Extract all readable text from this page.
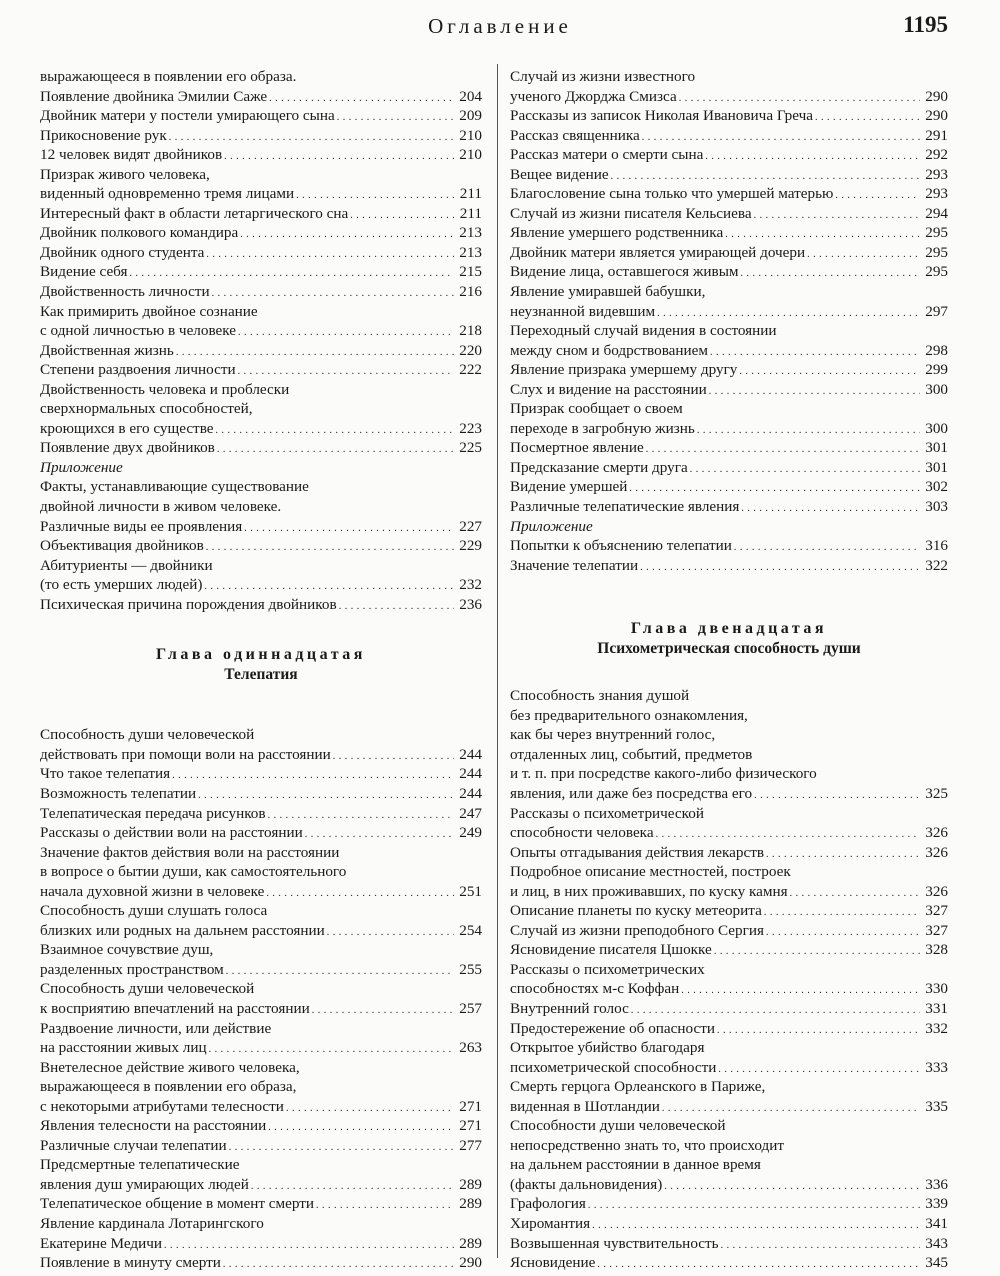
Оглавление	1195
выражающееся в появлении его образа.
Появление двойника Эмилии Саже . . .	204
Двойник матери у постели умирающего сына . . .	209
Прикосновение рук . . .	210
12 человек видят двойников . . .	210
Призрак живого человека,
виденный одновременно тремя лицами . . .	211
Интересный факт в области летаргического сна . . .	211
Двойник полкового командира . . .	213
Двойник одного студента . . .	213
Видение себя . . .	215
Двойственность личности . . .	216
Как примирить двойное сознание
с одной личностью в человеке . . .	218
Двойственная жизнь . . .	220
Степени раздвоения личности . . .	222
Двойственность человека и проблески
сверхнормальных способностей,
кроющихся в его существе . . .	223
Появление двух двойников . . .	225
Приложение
Факты, устанавливающие существование
двойной личности в живом человеке.
Различные виды ее проявления . . .	227
Объективация двойников . . .	229
Абитуриенты — двойники
(то есть умерших людей) . . .	232
Психическая причина порождения двойников . . .	236
Глава одиннадцатая
Телепатия
Способность души человеческой
действовать при помощи воли на расстоянии . . .	244
Что такое телепатия . . .	244
Возможность телепатии . . .	244
Телепатическая передача рисунков . . .	247
Рассказы о действии воли на расстоянии . . .	249
Значение фактов действия воли на расстоянии
в вопросе о бытии души, как самостоятельного
начала духовной жизни в человеке . . .	251
Способность души слушать голоса
близких или родных на дальнем расстоянии . . .	254
Взаимное сочувствие душ,
разделенных пространством . . .	255
Способность души человеческой
к восприятию впечатлений на расстоянии . . .	257
Раздвоение личности, или действие
на расстоянии живых лиц . . .	263
Внетелесное действие живого человека,
выражающееся в появлении его образа,
с некоторыми атрибутами телесности . . .	271
Явления телесности на расстоянии . . .	271
Различные случаи телепатии . . .	277
Предсмертные телепатические
явления душ умирающих людей . . .	289
Телепатическое общение в момент смерти . . .	289
Явление кардинала Лотарингского
Екатерине Медичи . . .	289
Появление в минуту смерти . . .	290
Случай из жизни известного
ученого Джорджа Смизса . . .	290
Рассказы из записок Николая Ивановича Греча . . .	290
Рассказ священника . . .	291
Рассказ матери о смерти сына . . .	292
Вещее видение . . .	293
Благословение сына только что умершей матерью . . .	293
Случай из жизни писателя Кельсиева . . .	294
Явление умершего родственника . . .	295
Двойник матери является умирающей дочери . . .	295
Видение лица, оставшегося живым . . .	295
Явление умиравшей бабушки,
неузнанной видевшим . . .	297
Переходный случай видения в состоянии
между сном и бодрствованием . . .	298
Явление призрака умершему другу . . .	299
Слух и видение на расстоянии . . .	300
Призрак сообщает о своем
переходе в загробную жизнь . . .	300
Посмертное явление . . .	301
Предсказание смерти друга . . .	301
Видение умершей . . .	302
Различные телепатические явления . . .	303
Приложение
Попытки к объяснению телепатии . . .	316
Значение телепатии . . .	322
Глава двенадцатая
Психометрическая способность души
Способность знания душой
без предварительного ознакомления,
как бы через внутренний голос,
отдаленных лиц, событий, предметов
и т. п. при посредстве какого-либо физического
явления, или даже без посредства его . . .	325
Рассказы о психометрической
способности человека . . .	326
Опыты отгадывания действия лекарств . . .	326
Подробное описание местностей, построек
и лиц, в них проживавших, по куску камня . . .	326
Описание планеты по куску метеорита . . .	327
Случай из жизни преподобного Сергия . . .	327
Ясновидение писателя Цшокке . . .	328
Рассказы о психометрических
способностях м-с Коффан . . .	330
Внутренний голос . . .	331
Предостережение об опасности . . .	332
Открытое убийство благодаря
психометрической способности . . .	333
Смерть герцога Орлеанского в Париже,
виденная в Шотландии . . .	335
Способности души человеческой
непосредственно знать то, что происходит
на дальнем расстоянии в данное время
(факты дальновидения) . . .	336
Графология . . .	339
Хиромантия . . .	341
Возвышенная чувствительность . . .	343
Ясновидение . . .	345
